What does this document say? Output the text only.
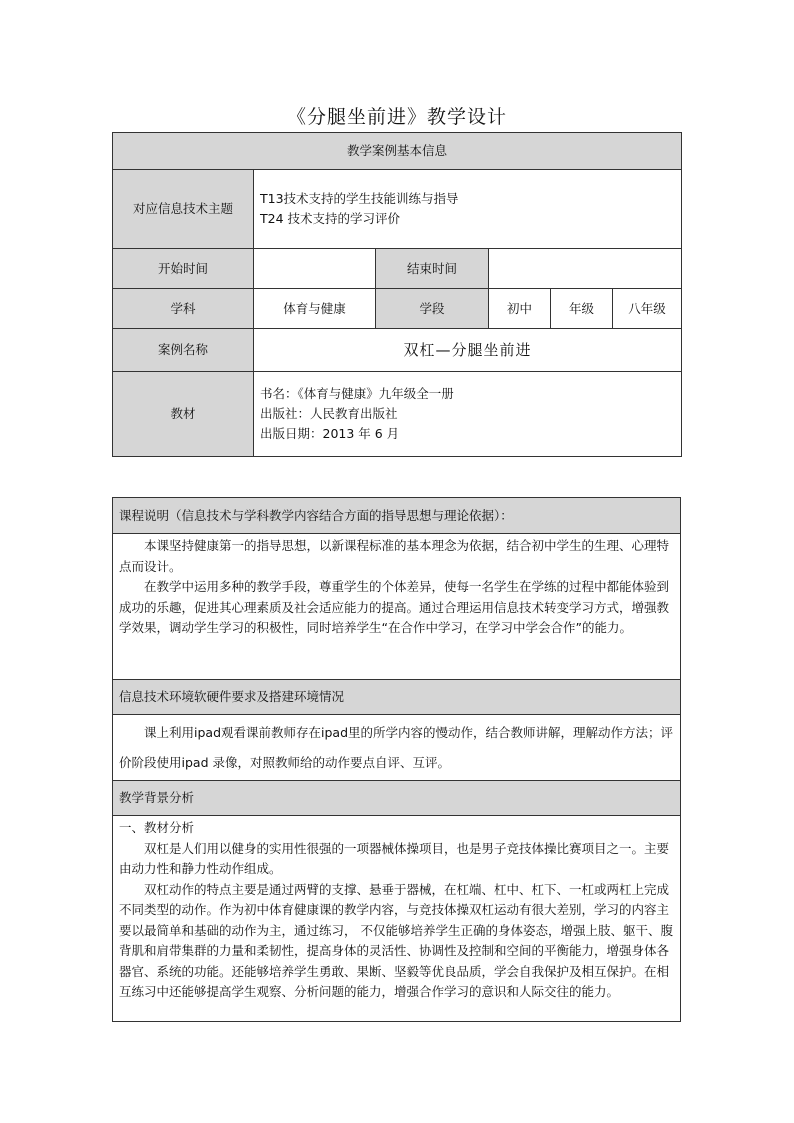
《分腿坐前进》教学设计
教学案例基本信息					
对应信息技术主题	T13技术支持的学生技能训练与指导
T24 技术支持的学习评价				

开始时间		结束时间			
学科	体育与健康	学段	初中	年级	八年级
案例名称	双杠—分腿坐前进				
教材	书名：《体育与健康》九年级全一册
出版社：人民教育出版社
出版日期：2013 年 6 月				
课程说明（信息技术与学科教学内容结合方面的指导思想与理论依据）：

本课坚持健康第一的指导思想，以新课程标准的基本理念为依据，结合初中学生的生理、心理特点而设计。

在教学中运用多种的教学手段，尊重学生的个体差异，使每一名学生在学练的过程中都能体验到成功的乐趣，促进其心理素质及社会适应能力的提高。通过合理运用信息技术转变学习方式，增强教学效果，调动学生学习的积极性，同时培养学生“在合作中学习，在学习中学会合作”的能力。

信息技术环境软硬件要求及搭建环境情况

课上利用ipad观看课前教师存在ipad里的所学内容的慢动作，结合教师讲解，理解动作方法；评价阶段使用ipad 录像，对照教师给的动作要点自评、互评。

教学背景分析

一、教材分析

双杠是人们用以健身的实用性很强的一项器械体操项目，也是男子竞技体操比赛项目之一。主要由动力性和静力性动作组成。

双杠动作的特点主要是通过两臂的支撑、悬垂于器械，在杠端、杠中、杠下、一杠或两杠上完成不同类型的动作。作为初中体育健康课的教学内容，与竞技体操双杠运动有很大差别，学习的内容主要以最简单和基础的动作为主，通过练习， 不仅能够培养学生正确的身体姿态，增强上肢、躯干、腹背肌和肩带集群的力量和柔韧性，提高身体的灵活性、协调性及控制和空间的平衡能力，增强身体各器官、系统的功能。还能够培养学生勇敢、果断、坚毅等优良品质，学会自我保护及相互保护。在相互练习中还能够提高学生观察、分析问题的能力，增强合作学习的意识和人际交往的能力。
